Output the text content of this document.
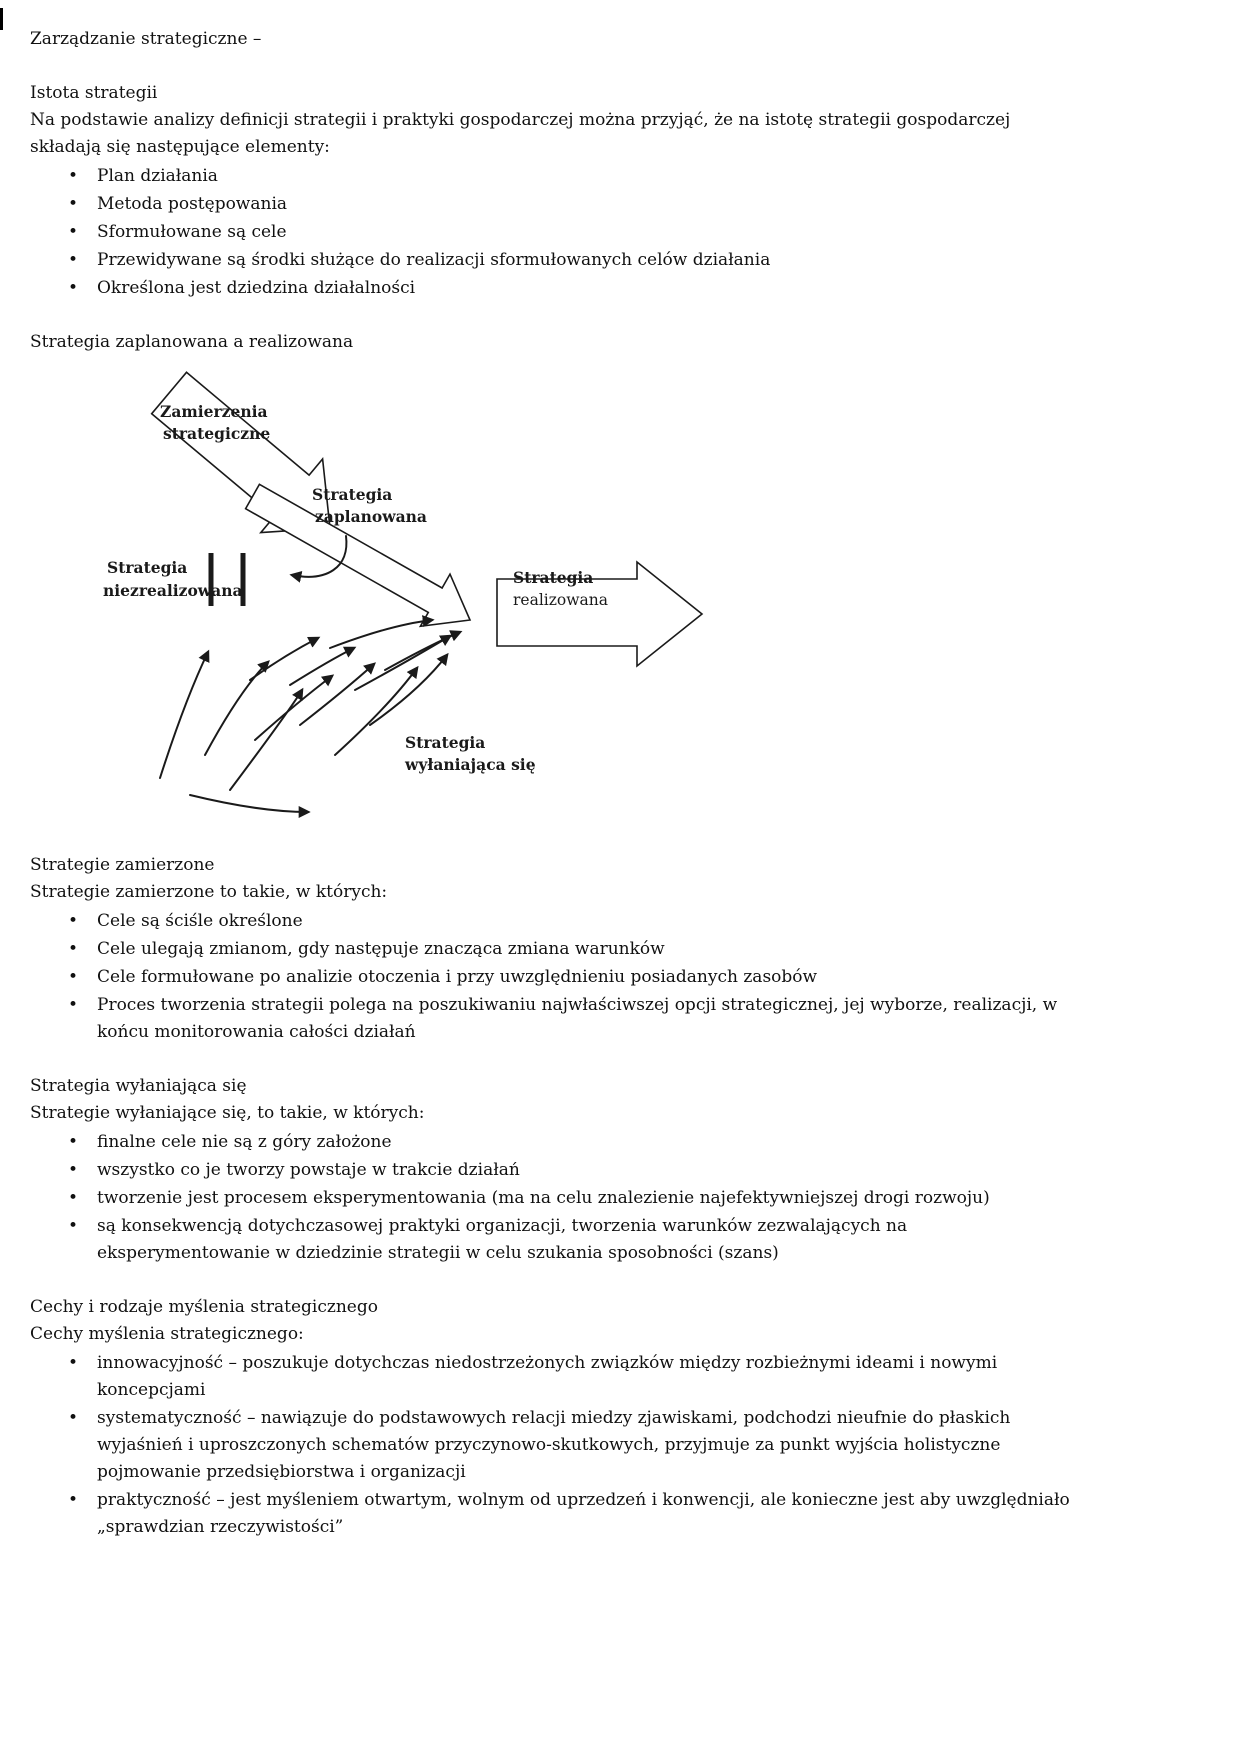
Zarządzanie strategiczne –

Istota strategii

Na podstawie analizy definicji strategii i praktyki gospodarczej można przyjąć, że na istotę strategii gospodarczej składają się następujące elementy:

• Plan działania
• Metoda postępowania
• Sformułowane są cele
• Przewidywane są środki służące do realizacji sformułowanych celów działania
• Określona jest dziedzina działalności

Strategia zaplanowana a realizowana

Zamierzenia
strategiczne
Strategia
zaplanowana
Strategia
niezrealizowana
Strategia
realizowana
Strategia
wyłaniająca się

Strategie zamierzone

Strategie zamierzone to takie, w których:

• Cele są ściśle określone
• Cele ulegają zmianom, gdy następuje znacząca zmiana warunków
• Cele formułowane po analizie otoczenia i przy uwzględnieniu posiadanych zasobów
• Proces tworzenia strategii polega na poszukiwaniu najwłaściwszej opcji strategicznej, jej wyborze, realizacji, w końcu monitorowania całości działań

Strategia wyłaniająca się

Strategie wyłaniające się, to takie, w których:

• finalne cele nie są z góry założone
• wszystko co je tworzy powstaje w trakcie działań
• tworzenie jest procesem eksperymentowania (ma na celu znalezienie najefektywniejszej drogi rozwoju)
• są konsekwencją dotychczasowej praktyki organizacji, tworzenia warunków zezwalających na eksperymentowanie w dziedzinie strategii w celu szukania sposobności (szans)

Cechy i rodzaje myślenia strategicznego

Cechy myślenia strategicznego:

• innowacyjność – poszukuje dotychczas niedostrzeżonych związków między rozbieżnymi ideami i nowymi koncepcjami
• systematyczność – nawiązuje do podstawowych relacji miedzy zjawiskami, podchodzi nieufnie do płaskich wyjaśnień i uproszczonych schematów przyczynowo-skutkowych, przyjmuje za punkt wyjścia holistyczne pojmowanie przedsiębiorstwa i organizacji
• praktyczność – jest myśleniem otwartym, wolnym od uprzedzeń i konwencji, ale konieczne jest aby uwzględniało „sprawdzian rzeczywistości”
